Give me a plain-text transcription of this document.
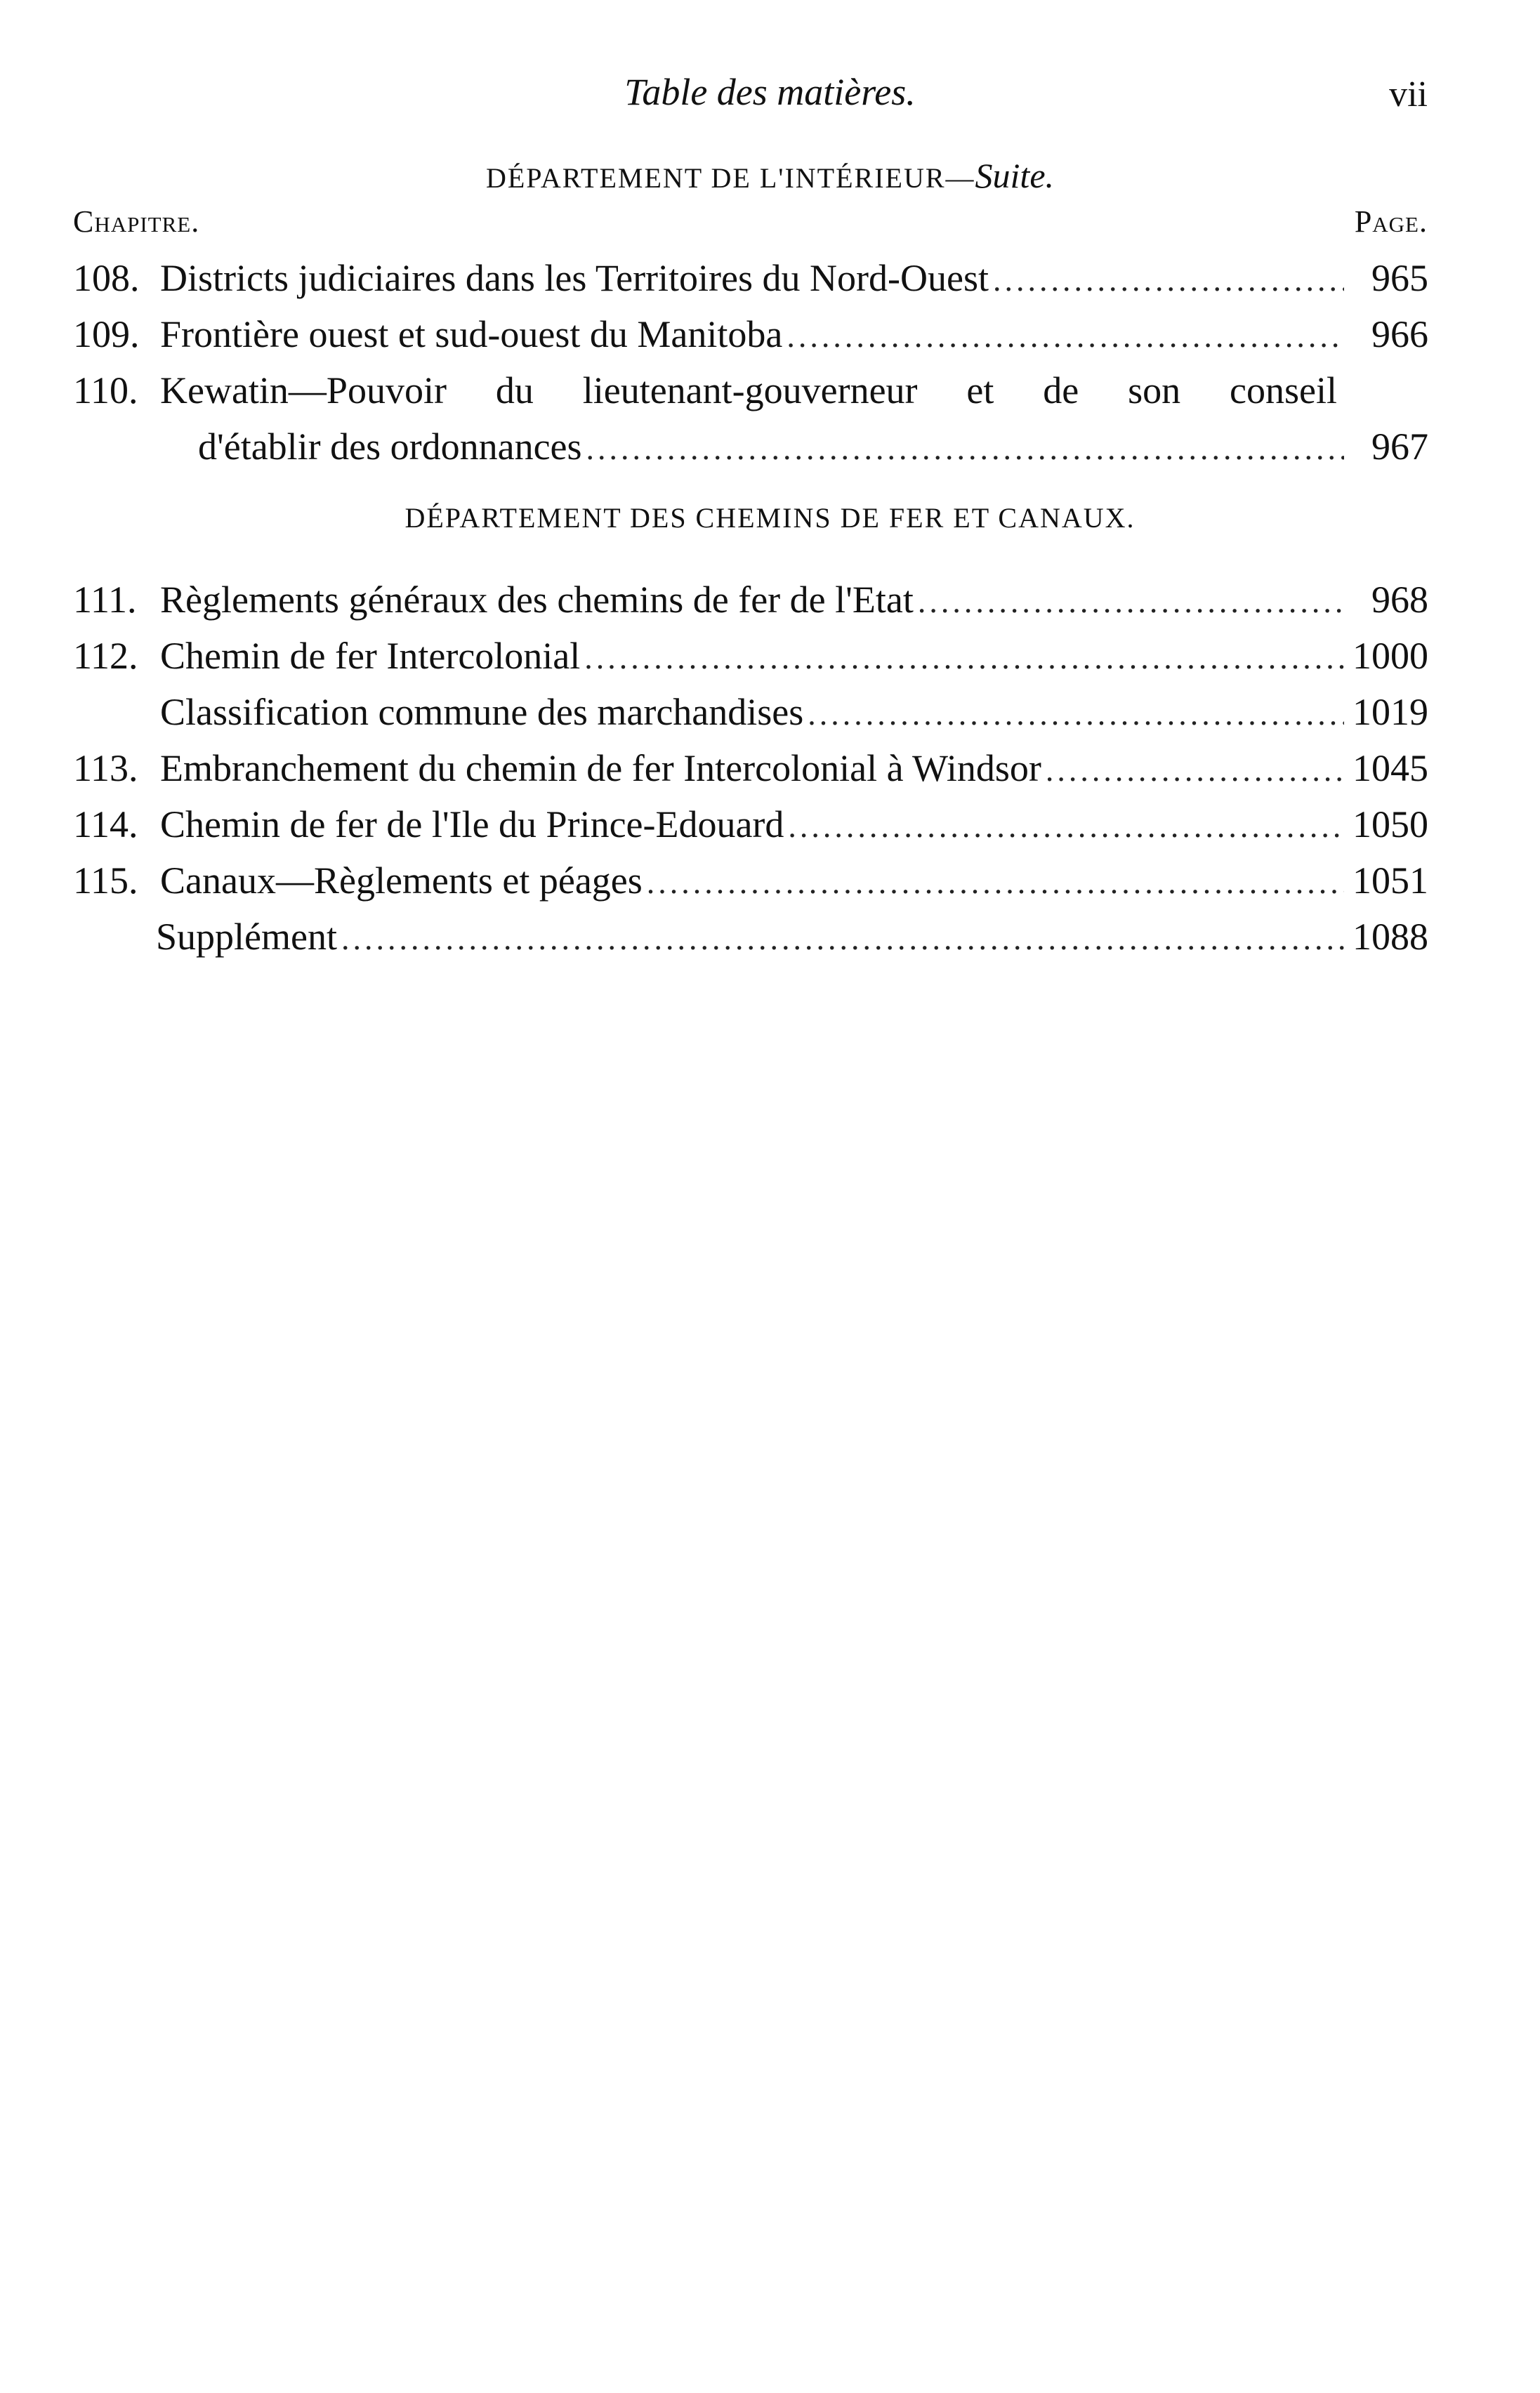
Table des matières.	vii
DÉPARTEMENT DE L'INTÉRIEUR—Suite.
Chapitre.	Page.
108. Districts judiciaires dans les Territoires du Nord-Ouest .....	965
109. Frontière ouest et sud-ouest du Manitoba .....	966
110. Kewatin—Pouvoir du lieutenant-gouverneur et de son conseil
d'établir des ordonnances .....	967
DÉPARTEMENT DES CHEMINS DE FER ET CANAUX.
111. Règlements généraux des chemins de fer de l'Etat .....	968
112. Chemin de fer Intercolonial .....	1000
Classification commune des marchandises .....	1019
113. Embranchement du chemin de fer Intercolonial à Windsor .....	1045
114. Chemin de fer de l'Ile du Prince-Edouard .....	1050
115. Canaux—Règlements et péages .....	1051
Supplément .....	1088
